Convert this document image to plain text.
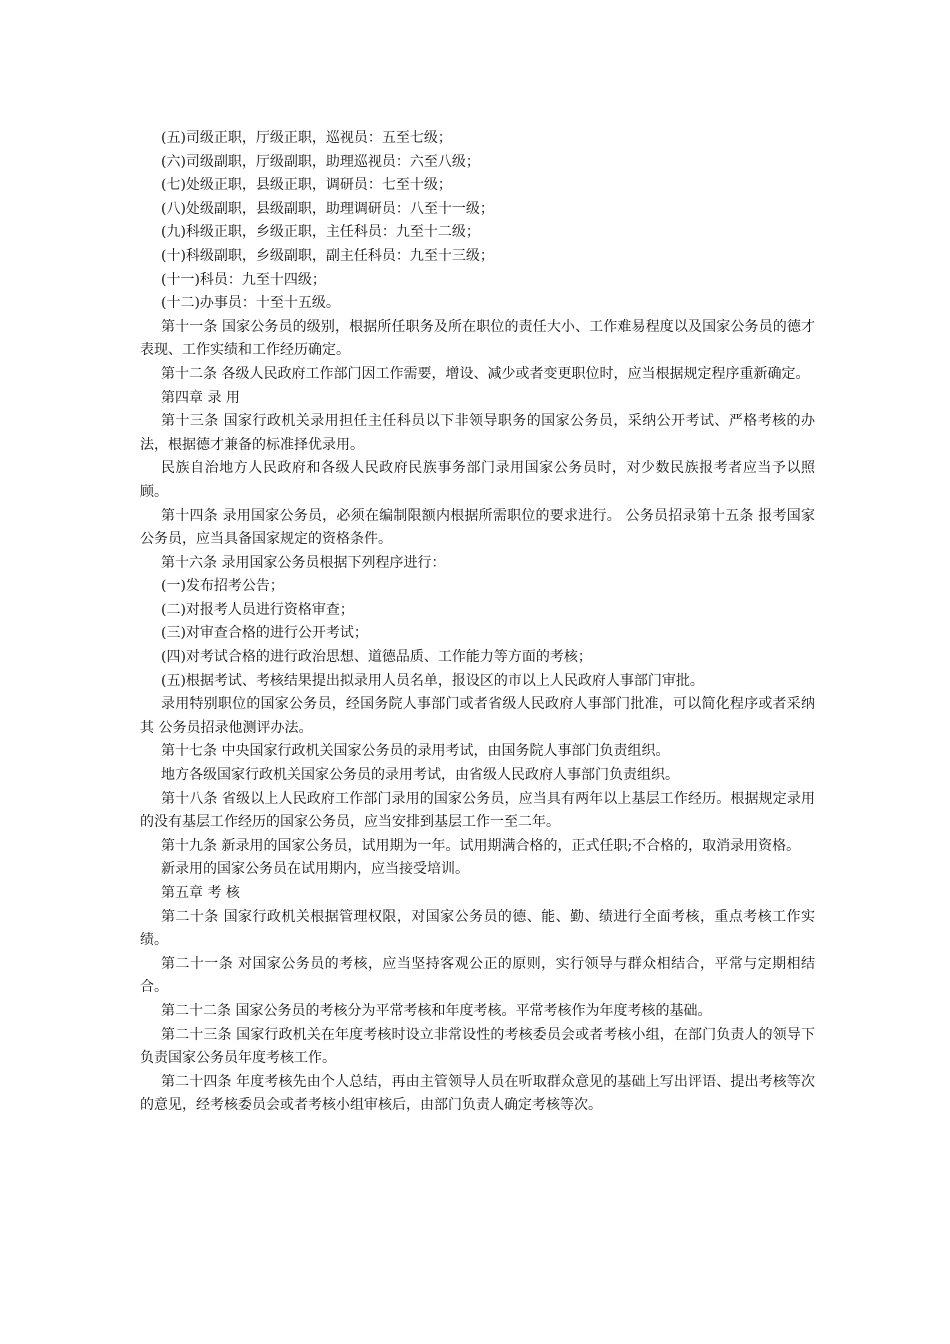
(五)司级正职，厅级正职，巡视员：五至七级；

(六)司级副职，厅级副职，助理巡视员：六至八级；

(七)处级正职，县级正职，调研员：七至十级；

(八)处级副职，县级副职，助理调研员：八至十一级；

(九)科级正职，乡级正职，主任科员：九至十二级；

(十)科级副职，乡级副职，副主任科员：九至十三级；

(十一)科员：九至十四级；

(十二)办事员：十至十五级。

第十一条 国家公务员的级别，根据所任职务及所在职位的责任大小、工作难易程度以及国家公务员的德才表现、工作实绩和工作经历确定。

第十二条 各级人民政府工作部门因工作需要，增设、减少或者变更职位时，应当根据规定程序重新确定。

第四章 录 用

第十三条 国家行政机关录用担任主任科员以下非领导职务的国家公务员，采纳公开考试、严格考核的办法，根据德才兼备的标准择优录用。

民族自治地方人民政府和各级人民政府民族事务部门录用国家公务员时，对少数民族报考者应当予以照顾。

第十四条 录用国家公务员，必须在编制限额内根据所需职位的要求进行。 公务员招录第十五条 报考国家公务员，应当具备国家规定的资格条件。

第十六条 录用国家公务员根据下列程序进行：

(一)发布招考公告；

(二)对报考人员进行资格审查；

(三)对审查合格的进行公开考试；

(四)对考试合格的进行政治思想、道德品质、工作能力等方面的考核；

(五)根据考试、考核结果提出拟录用人员名单，报设区的市以上人民政府人事部门审批。

录用特别职位的国家公务员，经国务院人事部门或者省级人民政府人事部门批准，可以简化程序或者采纳其 公务员招录他测评办法。

第十七条 中央国家行政机关国家公务员的录用考试，由国务院人事部门负责组织。

地方各级国家行政机关国家公务员的录用考试，由省级人民政府人事部门负责组织。

第十八条 省级以上人民政府工作部门录用的国家公务员，应当具有两年以上基层工作经历。根据规定录用的没有基层工作经历的国家公务员，应当安排到基层工作一至二年。

第十九条 新录用的国家公务员，试用期为一年。试用期满合格的，正式任职;不合格的，取消录用资格。

新录用的国家公务员在试用期内，应当接受培训。

第五章 考 核

第二十条 国家行政机关根据管理权限，对国家公务员的德、能、勤、绩进行全面考核，重点考核工作实绩。

第二十一条 对国家公务员的考核，应当坚持客观公正的原则，实行领导与群众相结合，平常与定期相结合。

第二十二条 国家公务员的考核分为平常考核和年度考核。平常考核作为年度考核的基础。

第二十三条 国家行政机关在年度考核时设立非常设性的考核委员会或者考核小组，在部门负责人的领导下负责国家公务员年度考核工作。

第二十四条 年度考核先由个人总结，再由主管领导人员在听取群众意见的基础上写出评语、提出考核等次的意见，经考核委员会或者考核小组审核后，由部门负责人确定考核等次。
